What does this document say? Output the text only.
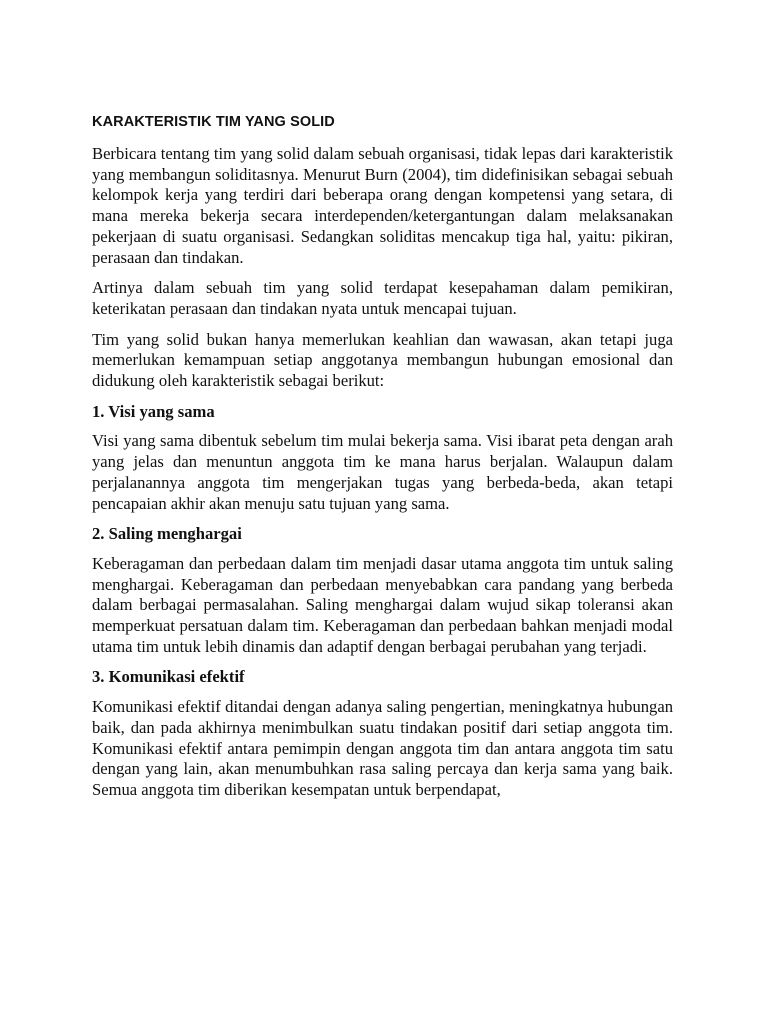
KARAKTERISTIK TIM YANG SOLID

Berbicara tentang tim yang solid dalam sebuah organisasi, tidak lepas dari karakteristik yang membangun soliditasnya. Menurut Burn (2004), tim didefinisikan sebagai sebuah kelompok kerja yang terdiri dari beberapa orang dengan kompetensi yang setara, di mana mereka bekerja secara interdependen/ketergantungan dalam melaksanakan pekerjaan di suatu organisasi. Sedangkan soliditas mencakup tiga hal, yaitu: pikiran, perasaan dan tindakan.

Artinya dalam sebuah tim yang solid terdapat kesepahaman dalam pemikiran, keterikatan perasaan dan tindakan nyata untuk mencapai tujuan.

Tim yang solid bukan hanya memerlukan keahlian dan wawasan, akan tetapi juga memerlukan kemampuan setiap anggotanya membangun hubungan emosional dan didukung oleh karakteristik sebagai berikut:

1. Visi yang sama

Visi yang sama dibentuk sebelum tim mulai bekerja sama. Visi ibarat peta dengan arah yang jelas dan menuntun anggota tim ke mana harus berjalan. Walaupun dalam perjalanannya anggota tim mengerjakan tugas yang berbeda-beda, akan tetapi pencapaian akhir akan menuju satu tujuan yang sama.

2. Saling menghargai

Keberagaman dan perbedaan dalam tim menjadi dasar utama anggota tim untuk saling menghargai. Keberagaman dan perbedaan menyebabkan cara pandang yang berbeda dalam berbagai permasalahan. Saling menghargai dalam wujud sikap toleransi akan memperkuat persatuan dalam tim. Keberagaman dan perbedaan bahkan menjadi modal utama tim untuk lebih dinamis dan adaptif dengan berbagai perubahan yang terjadi.

3. Komunikasi efektif

Komunikasi efektif ditandai dengan adanya saling pengertian, meningkatnya hubungan baik, dan pada akhirnya menimbulkan suatu tindakan positif dari setiap anggota tim. Komunikasi efektif antara pemimpin dengan anggota tim dan antara anggota tim satu dengan yang lain, akan menumbuhkan rasa saling percaya dan kerja sama yang baik. Semua anggota tim diberikan kesempatan untuk berpendapat,
